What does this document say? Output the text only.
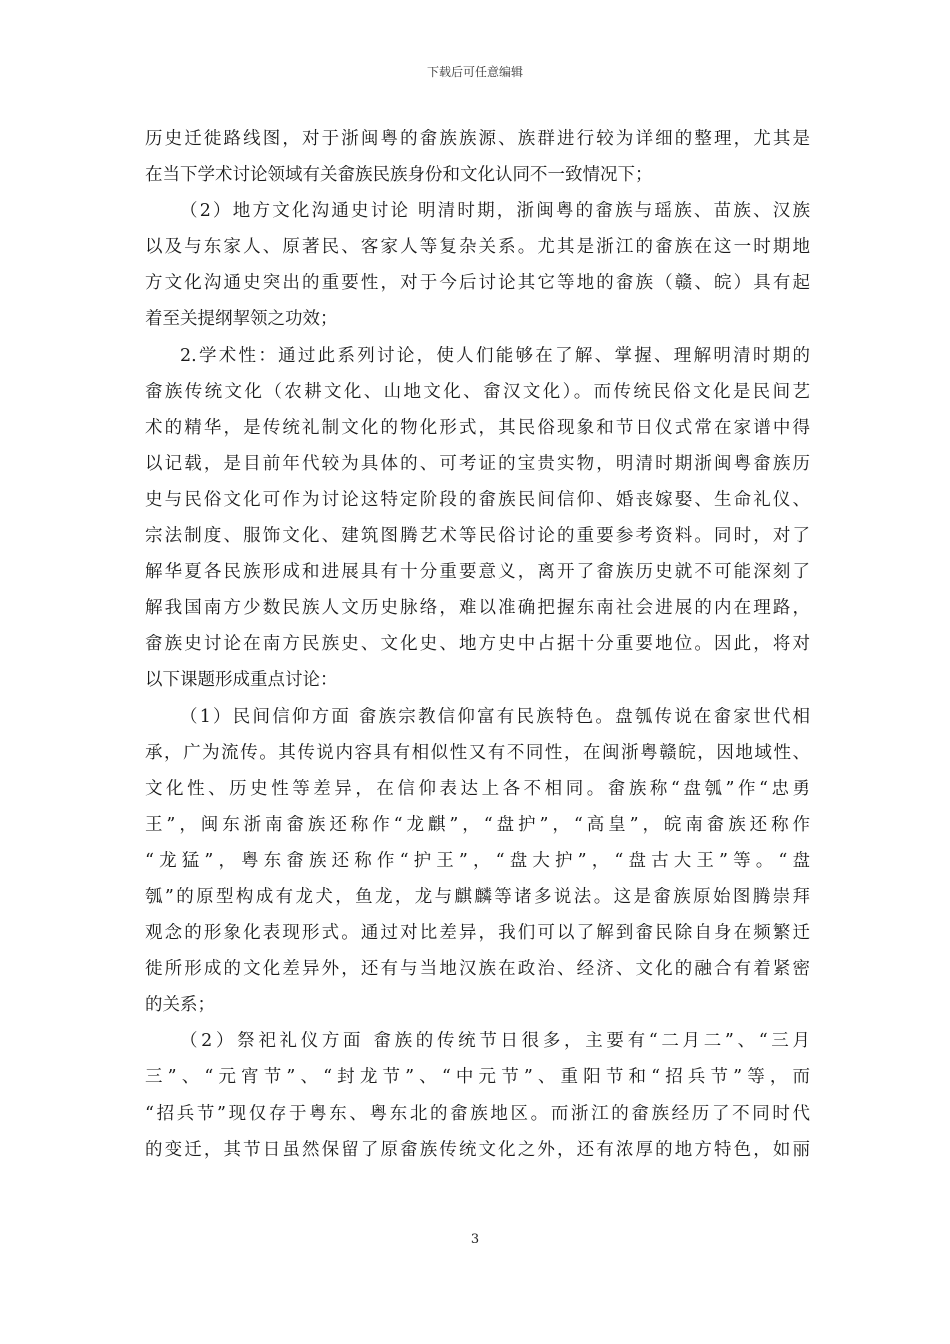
下载后可任意编辑
历史迁徙路线图，对于浙闽粤的畲族族源、族群进行较为详细的整理，尤其是
在当下学术讨论领域有关畲族民族身份和文化认同不一致情况下；
（2）地方文化沟通史讨论 明清时期，浙闽粤的畲族与瑶族、苗族、汉族
以及与东家人、原著民、客家人等复杂关系。尤其是浙江的畲族在这一时期地
方文化沟通史突出的重要性，对于今后讨论其它等地的畲族（赣、皖）具有起
着至关提纲挈领之功效；
2.学术性：通过此系列讨论，使人们能够在了解、掌握、理解明清时期的
畲族传统文化（农耕文化、山地文化、畲汉文化）。而传统民俗文化是民间艺
术的精华，是传统礼制文化的物化形式，其民俗现象和节日仪式常在家谱中得
以记载，是目前年代较为具体的、可考证的宝贵实物，明清时期浙闽粤畲族历
史与民俗文化可作为讨论这特定阶段的畲族民间信仰、婚丧嫁娶、生命礼仪、
宗法制度、服饰文化、建筑图腾艺术等民俗讨论的重要参考资料。同时，对了
解华夏各民族形成和进展具有十分重要意义，离开了畲族历史就不可能深刻了
解我国南方少数民族人文历史脉络，难以准确把握东南社会进展的内在理路，
畲族史讨论在南方民族史、文化史、地方史中占据十分重要地位。因此，将对
以下课题形成重点讨论：
（1）民间信仰方面 畲族宗教信仰富有民族特色。盘瓠传说在畲家世代相
承，广为流传。其传说内容具有相似性又有不同性，在闽浙粤赣皖，因地域性、
文化性、历史性等差异，在信仰表达上各不相同。畲族称“盘瓠”作“忠勇
王”，闽东浙南畲族还称作“龙麒”，“盘护”，“高皇”，皖南畲族还称作
“龙猛”，粤东畲族还称作“护王”，“盘大护”，“盘古大王”等。“盘
瓠”的原型构成有龙犬，鱼龙，龙与麒麟等诸多说法。这是畲族原始图腾崇拜
观念的形象化表现形式。通过对比差异，我们可以了解到畲民除自身在频繁迁
徙所形成的文化差异外，还有与当地汉族在政治、经济、文化的融合有着紧密
的关系；
（2）祭祀礼仪方面 畲族的传统节日很多，主要有“二月二”、“三月
三”、“元宵节”、“封龙节”、“中元节”、重阳节和“招兵节”等，而
“招兵节”现仅存于粤东、粤东北的畲族地区。而浙江的畲族经历了不同时代
的变迁，其节日虽然保留了原畲族传统文化之外，还有浓厚的地方特色，如丽
3
